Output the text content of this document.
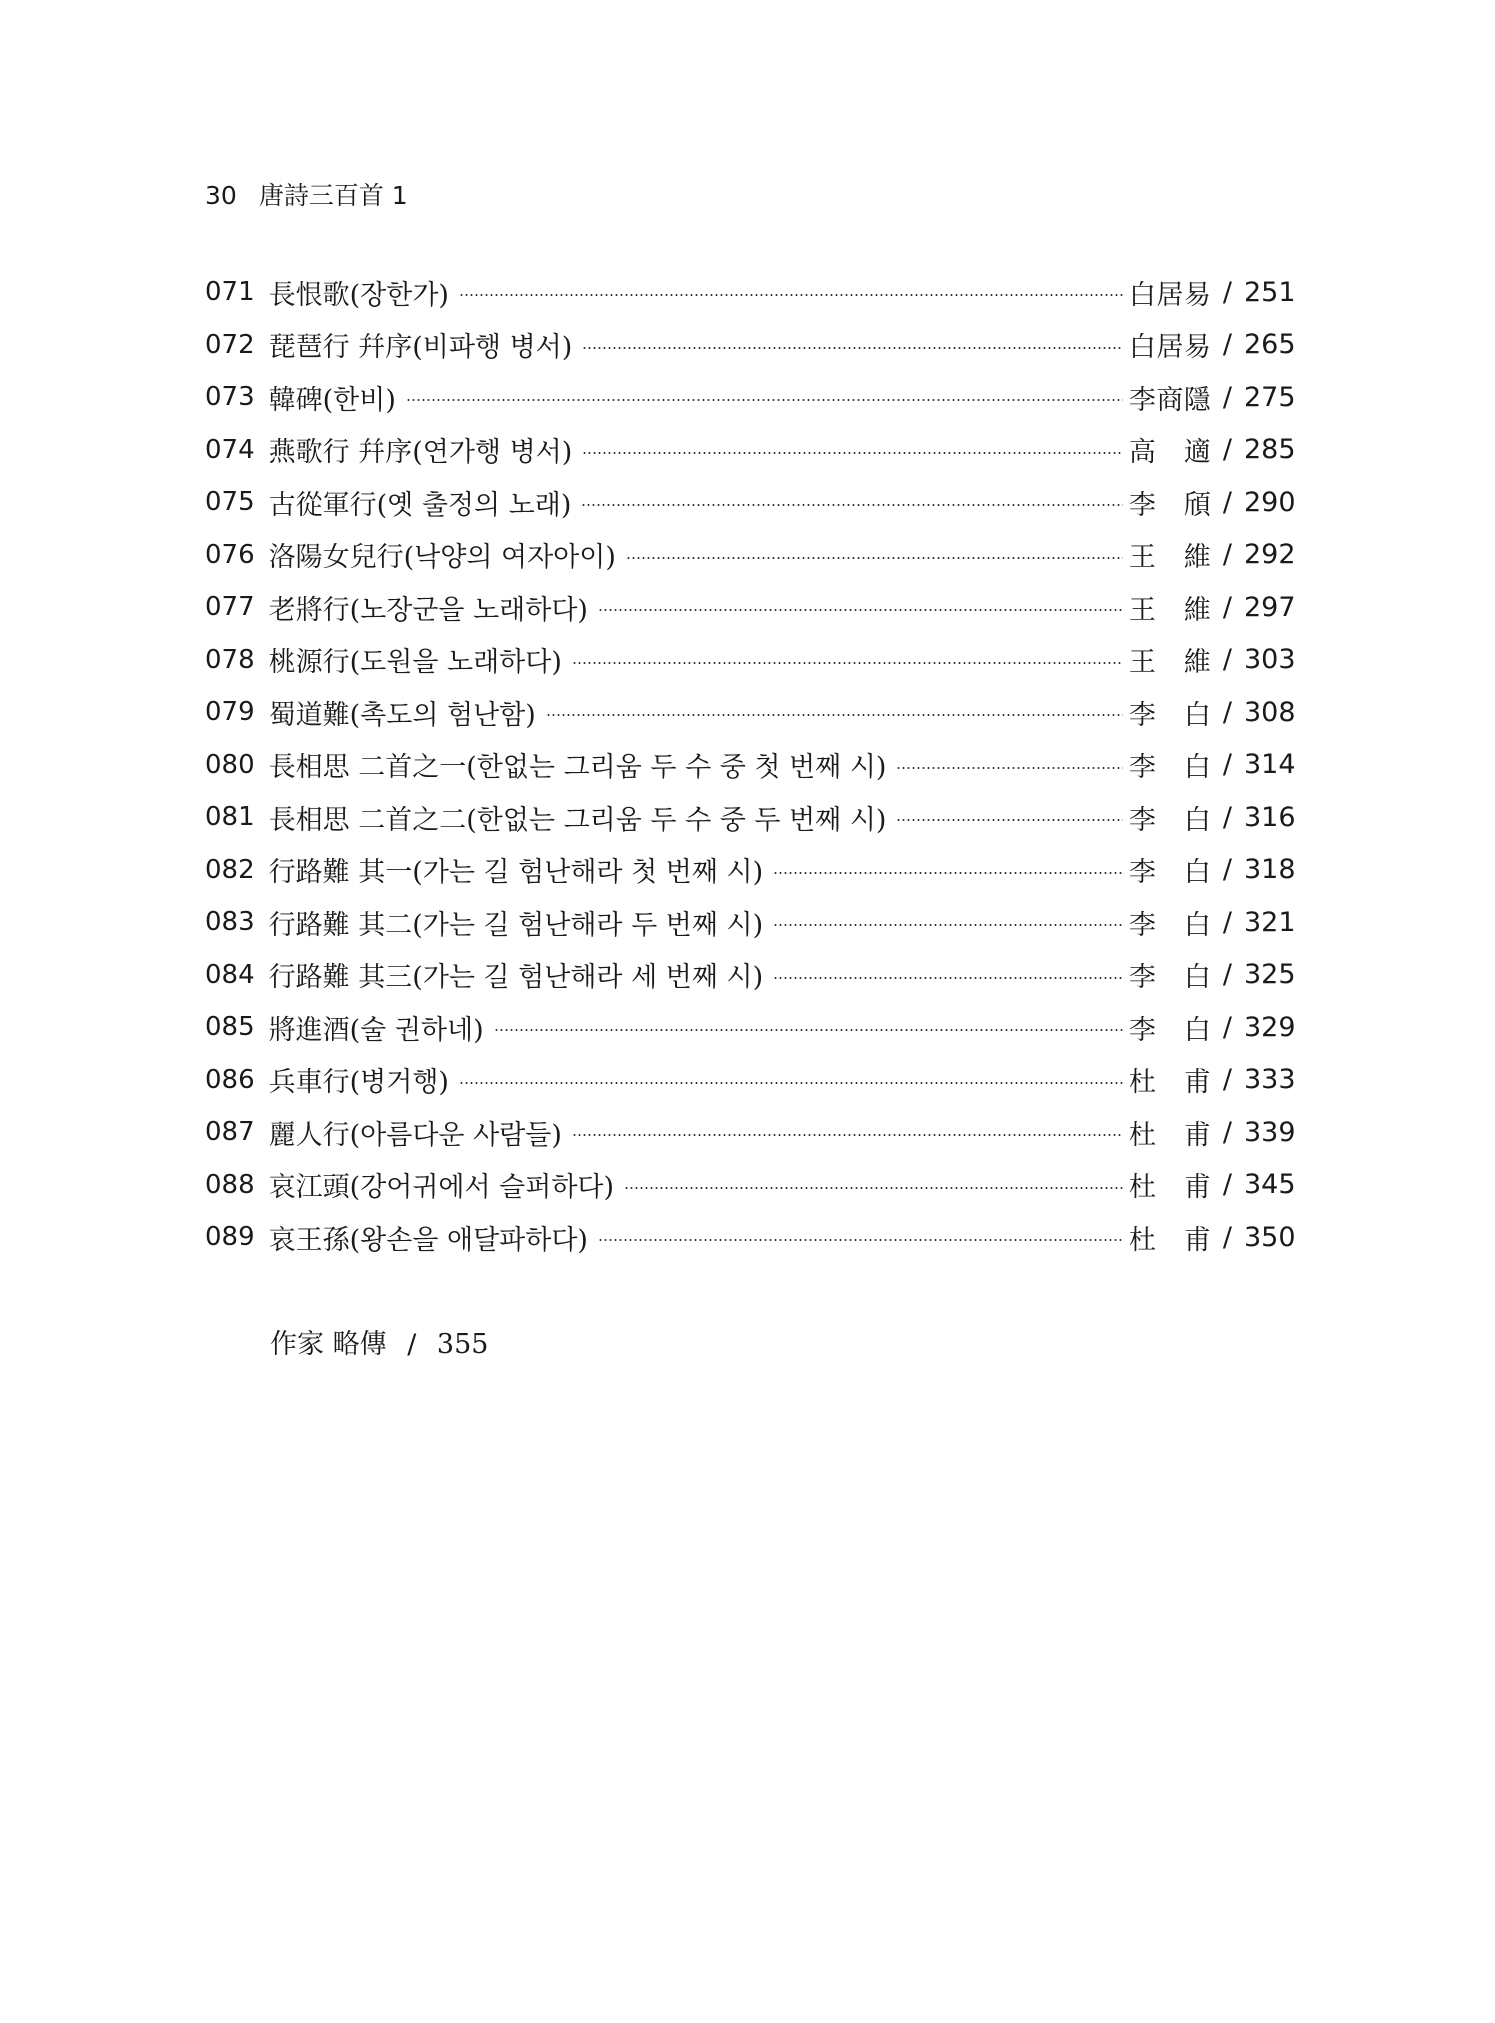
30 唐詩三百首 1
071 長恨歌(장한가)	白居易 / 251
072 琵琶行 幷序(비파행 병서)	白居易 / 265
073 韓碑(한비)	李商隱 / 275
074 燕歌行 幷序(연가행 병서)	高 適 / 285
075 古從軍行(옛 출정의 노래)	李 頎 / 290
076 洛陽女兒行(낙양의 여자아이)	王 維 / 292
077 老將行(노장군을 노래하다)	王 維 / 297
078 桃源行(도원을 노래하다)	王 維 / 303
079 蜀道難(촉도의 험난함)	李 白 / 308
080 長相思 二首之一(한없는 그리움 두 수 중 첫 번째 시)	李 白 / 314
081 長相思 二首之二(한없는 그리움 두 수 중 두 번째 시)	李 白 / 316
082 行路難 其一(가는 길 험난해라 첫 번째 시)	李 白 / 318
083 行路難 其二(가는 길 험난해라 두 번째 시)	李 白 / 321
084 行路難 其三(가는 길 험난해라 세 번째 시)	李 白 / 325
085 將進酒(술 권하네)	李 白 / 329
086 兵車行(병거행)	杜 甫 / 333
087 麗人行(아름다운 사람들)	杜 甫 / 339
088 哀江頭(강어귀에서 슬퍼하다)	杜 甫 / 345
089 哀王孫(왕손을 애달파하다)	杜 甫 / 350
作家 略傳 / 355
